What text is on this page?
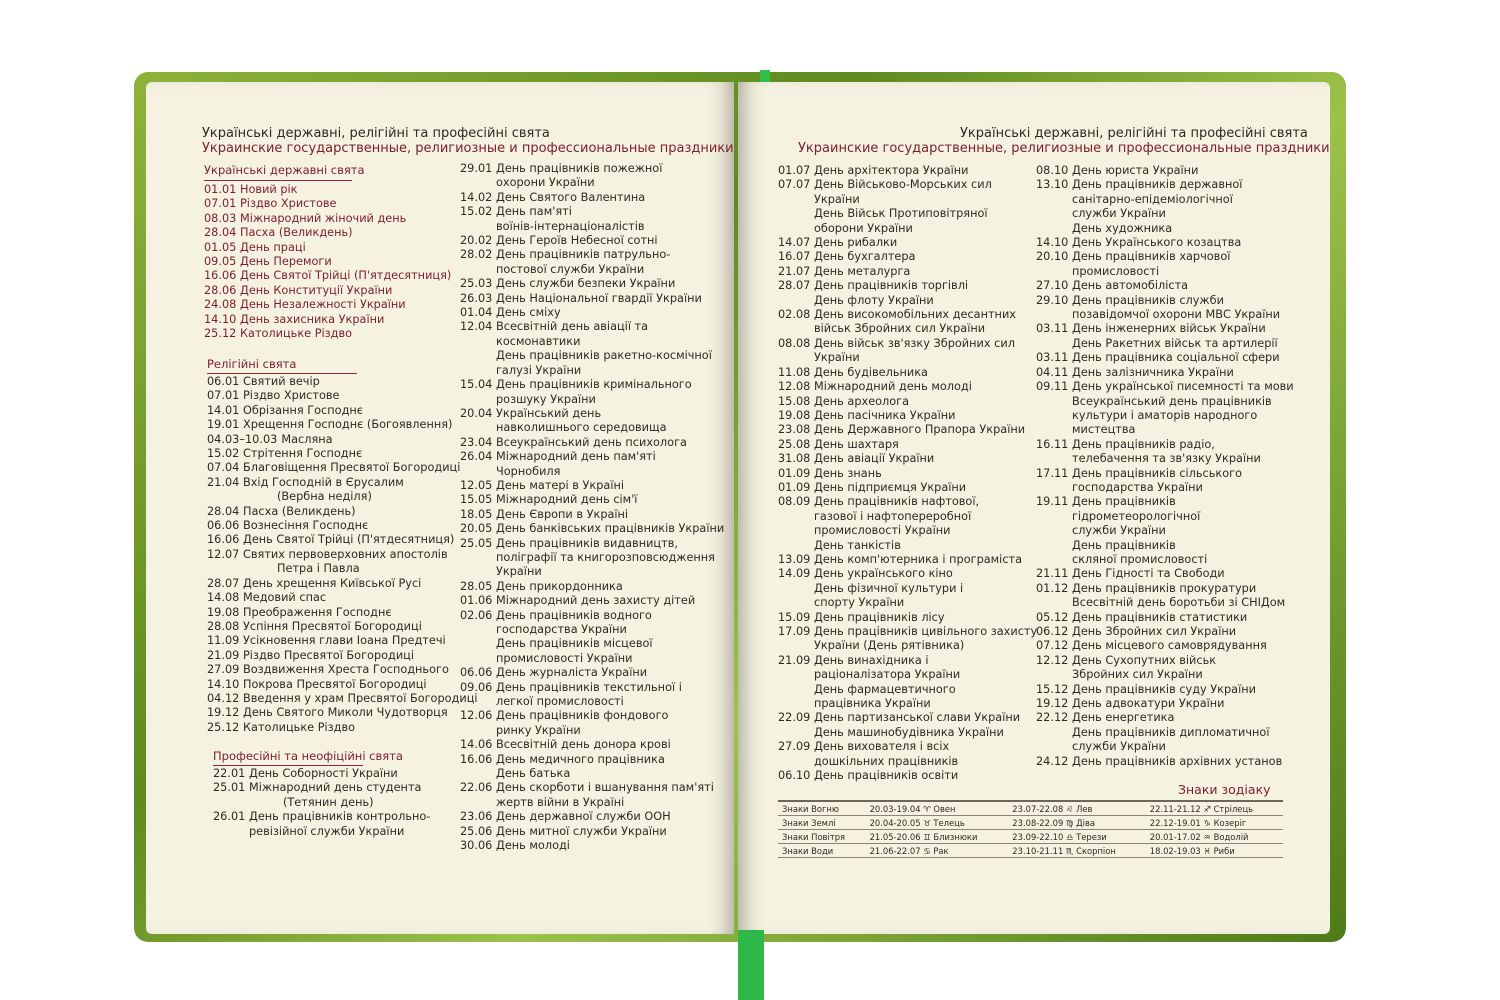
Українські державні, релігійні та професійні свята
Украинские государственные, религиозные и профессиональные праздники
Українські державні свята
01.01 Новий рік
07.01 Різдво Христове
08.03 Міжнародний жіночий день
28.04 Пасха (Великдень)
01.05 День праці
09.05 День Перемоги
16.06 День Святої Трійці (П'ятдесятниця)
28.06 День Конституції України
24.08 День Незалежності України
14.10 День захисника України
25.12 Католицьке Різдво
Релігійні свята
06.01 Святий вечір
07.01 Різдво Христове
14.01 Обрізання Господнє
19.01 Хрещення Господнє (Богоявлення)
04.03–10.03 Масляна
15.02 Стрітення Господнє
07.04 Благовіщення Пресвятої Богородиці
21.04 Вхід Господній в Єрусалим
(Вербна неділя)
28.04 Пасха (Великдень)
06.06 Вознесіння Господнє
16.06 День Святої Трійці (П'ятдесятниця)
12.07 Святих первоверховних апостолів
Петра і Павла
28.07 День хрещення Київської Русі
14.08 Медовий спас
19.08 Преображення Господнє
28.08 Успіння Пресвятої Богородиці
11.09 Усікновення глави Іоана Предтечі
21.09 Різдво Пресвятої Богородиці
27.09 Воздвиження Хреста Господнього
14.10 Покрова Пресвятої Богородиці
04.12 Введення у храм Пресвятої Богородиці
19.12 День Святого Миколи Чудотворця
25.12 Католицьке Різдво
Професійні та неофіційні свята
22.01 День Соборності України
25.01 Міжнародний день студента
(Тетянин день)
26.01 День працівників контрольно-
ревізійної служби України
29.01 День працівників пожежної
охорони України
14.02 День Святого Валентина
15.02 День пам'яті
воїнів-інтернаціоналістів
20.02 День Героїв Небесної сотні
28.02 День працівників патрульно-
постової служби України
25.03 День служби безпеки України
26.03 День Національної гвардії України
01.04 День сміху
12.04 Всесвітній день авіації та
космонавтики
День працівників ракетно-космічної
галузі України
15.04 День працівників кримінального
розшуку України
20.04 Український день
навколишнього середовища
23.04 Всеукраїнський день психолога
26.04 Міжнародний день пам'яті
Чорнобиля
12.05 День матері в Україні
15.05 Міжнародний день сім'ї
18.05 День Європи в Україні
20.05 День банківських працівників України
25.05 День працівників видавництв,
поліграфії та книгорозповсюдження
України
28.05 День прикордонника
01.06 Міжнародний день захисту дітей
02.06 День працівників водного
господарства України
День працівників місцевої
промисловості України
06.06 День журналіста України
09.06 День працівників текстильної і
легкої промисловості
12.06 День працівників фондового
ринку України
14.06 Всесвітній день донора крові
16.06 День медичного працівника
День батька
22.06 День скорботи і вшанування пам'яті
жертв війни в Україні
23.06 День державної служби ООН
25.06 День митної служби України
30.06 День молоді
Українські державні, релігійні та професійні свята
Украинские государственные, религиозные и профессиональные праздники
01.07 День архітектора України
07.07 День Військово-Морських сил
України
День Військ Протиповітряної
оборони України
14.07 День рибалки
16.07 День бухгалтера
21.07 День металурга
28.07 День працівників торгівлі
День флоту України
02.08 День високомобільних десантних
військ Збройних сил України
08.08 День військ зв'язку Збройних сил
України
11.08 День будівельника
12.08 Міжнародний день молоді
15.08 День археолога
19.08 День пасічника України
23.08 День Державного Прапора України
25.08 День шахтаря
31.08 День авіації України
01.09 День знань
01.09 День підприємця України
08.09 День працівників нафтової,
газової і нафтопереробної
промисловості України
День танкістів
13.09 День комп'ютерника і програміста
14.09 День українського кіно
День фізичної культури і
спорту України
15.09 День працівників лісу
17.09 День працівників цивільного захисту
України (День рятівника)
21.09 День винахідника і
раціоналізатора України
День фармацевтичного
працівника України
22.09 День партизанської слави України
День машинобудівника України
27.09 День вихователя і всіх
дошкільних працівників
06.10 День працівників освіти
08.10 День юриста України
13.10 День працівників державної
санітарно-епідеміологічної
служби України
День художника
14.10 День Українського козацтва
20.10 День працівників харчової
промисловості
27.10 День автомобіліста
29.10 День працівників служби
позавідомчої охорони МВС України
03.11 День інженерних військ України
День Ракетних військ та артилерії
03.11 День працівника соціальної сфери
04.11 День залізничника України
09.11 День української писемності та мови
Всеукраїнський день працівників
культури і аматорів народного
мистецтва
16.11 День працівників радіо,
телебачення та зв'язку України
17.11 День працівників сільського
господарства України
19.11 День працівників
гідрометеорологічної
служби України
День працівників
скляної промисловості
21.11 День Гідності та Свободи
01.12 День працівників прокуратури
Всесвітній день боротьби зі СНІДом
05.12 День працівників статистики
06.12 День Збройних сил України
07.12 День місцевого самоврядування
12.12 День Сухопутних військ
Збройних сил України
15.12 День працівників суду України
19.12 День адвокатури України
22.12 День енергетика
День працівників дипломатичної
служби України
24.12 День працівників архівних установ
Знаки зодіаку
Знаки Вогню	20.03-19.04 ♈ Овен	23.07-22.08 ♌ Лев	22.11-21.12 ♐ Стрілець
Знаки Землі	20.04-20.05 ♉ Телець	23.08-22.09 ♍ Діва	22.12-19.01 ♑ Козеріг
Знаки Повітря	21.05-20.06 ♊ Близнюки	23.09-22.10 ♎ Терези	20.01-17.02 ♒ Водолій
Знаки Води	21.06-22.07 ♋ Рак	23.10-21.11 ♏ Скорпіон	18.02-19.03 ♓ Риби
